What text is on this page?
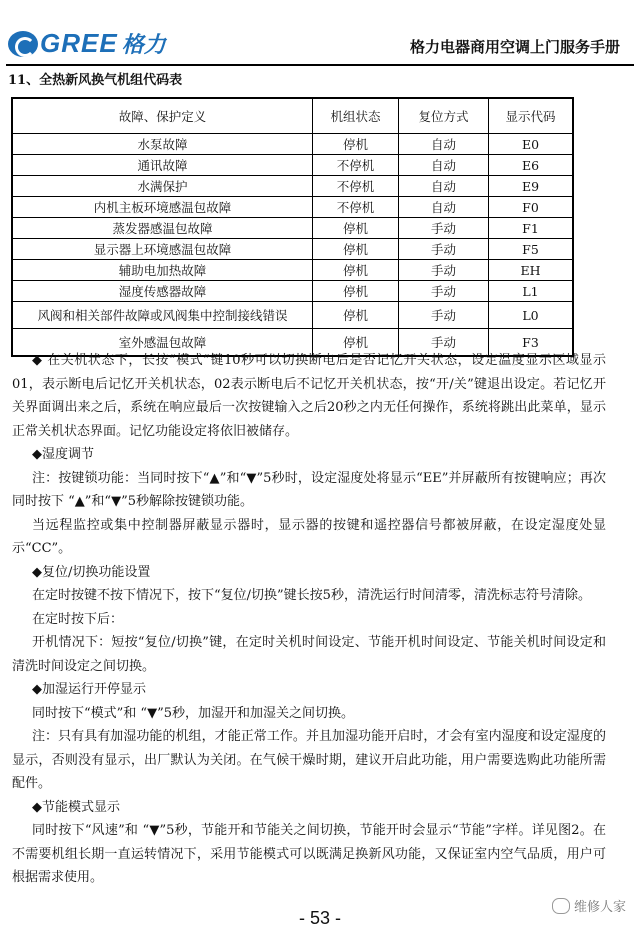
GREE 格力	格力电器商用空调上门服务手册
11、全热新风换气机组代码表
故障、保护定义	机组状态	复位方式	显示代码
水泵故障	停机	自动	E0
通讯故障	不停机	自动	E6
水满保护	不停机	自动	E9
内机主板环境感温包故障	不停机	自动	F0
蒸发器感温包故障	停机	手动	F1
显示器上环境感温包故障	停机	手动	F5
辅助电加热故障	停机	手动	EH
湿度传感器故障	停机	手动	L1
风阀和相关部件故障或风阀集中控制接线错误	停机	手动	L0
室外感温包故障	停机	手动	F3

◆ 在关机状态下，长按“模式”键10秒可以切换断电后是否记忆开关状态，设定温度显示区域显示01，表示断电后记忆开关机状态，02表示断电后不记忆开关机状态，按“开/关”键退出设定。若记忆开关界面调出来之后，系统在响应最后一次按键输入之后20秒之内无任何操作，系统将跳出此菜单，显示正常关机状态界面。记忆功能设定将依旧被储存。

◆湿度调节

注：按键锁功能：当同时按下“▲”和“▼”5秒时，设定湿度处将显示“EE”并屏蔽所有按键响应；再次同时按下 “▲”和“▼”5秒解除按键锁功能。

当远程监控或集中控制器屏蔽显示器时，显示器的按键和遥控器信号都被屏蔽，在设定湿度处显示“CC”。

◆复位/切换功能设置

在定时按键不按下情况下，按下“复位/切换”键长按5秒，清洗运行时间清零，清洗标志符号清除。

在定时按下后：

开机情况下：短按“复位/切换”键，在定时关机时间设定、节能开机时间设定、节能关机时间设定和清洗时间设定之间切换。

◆加湿运行开停显示

同时按下“模式”和 “▼”5秒，加湿开和加湿关之间切换。

注：只有具有加湿功能的机组，才能正常工作。并且加湿功能开启时，才会有室内湿度和设定湿度的显示，否则没有显示，出厂默认为关闭。在气候干燥时期，建议开启此功能，用户需要选购此功能所需配件。

◆节能模式显示

同时按下“风速”和 “▼”5秒，节能开和节能关之间切换，节能开时会显示“节能”字样。详见图2。在不需要机组长期一直运转情况下，采用节能模式可以既满足换新风功能，又保证室内空气品质，用户可根据需求使用。

- 53 -
维修人家
